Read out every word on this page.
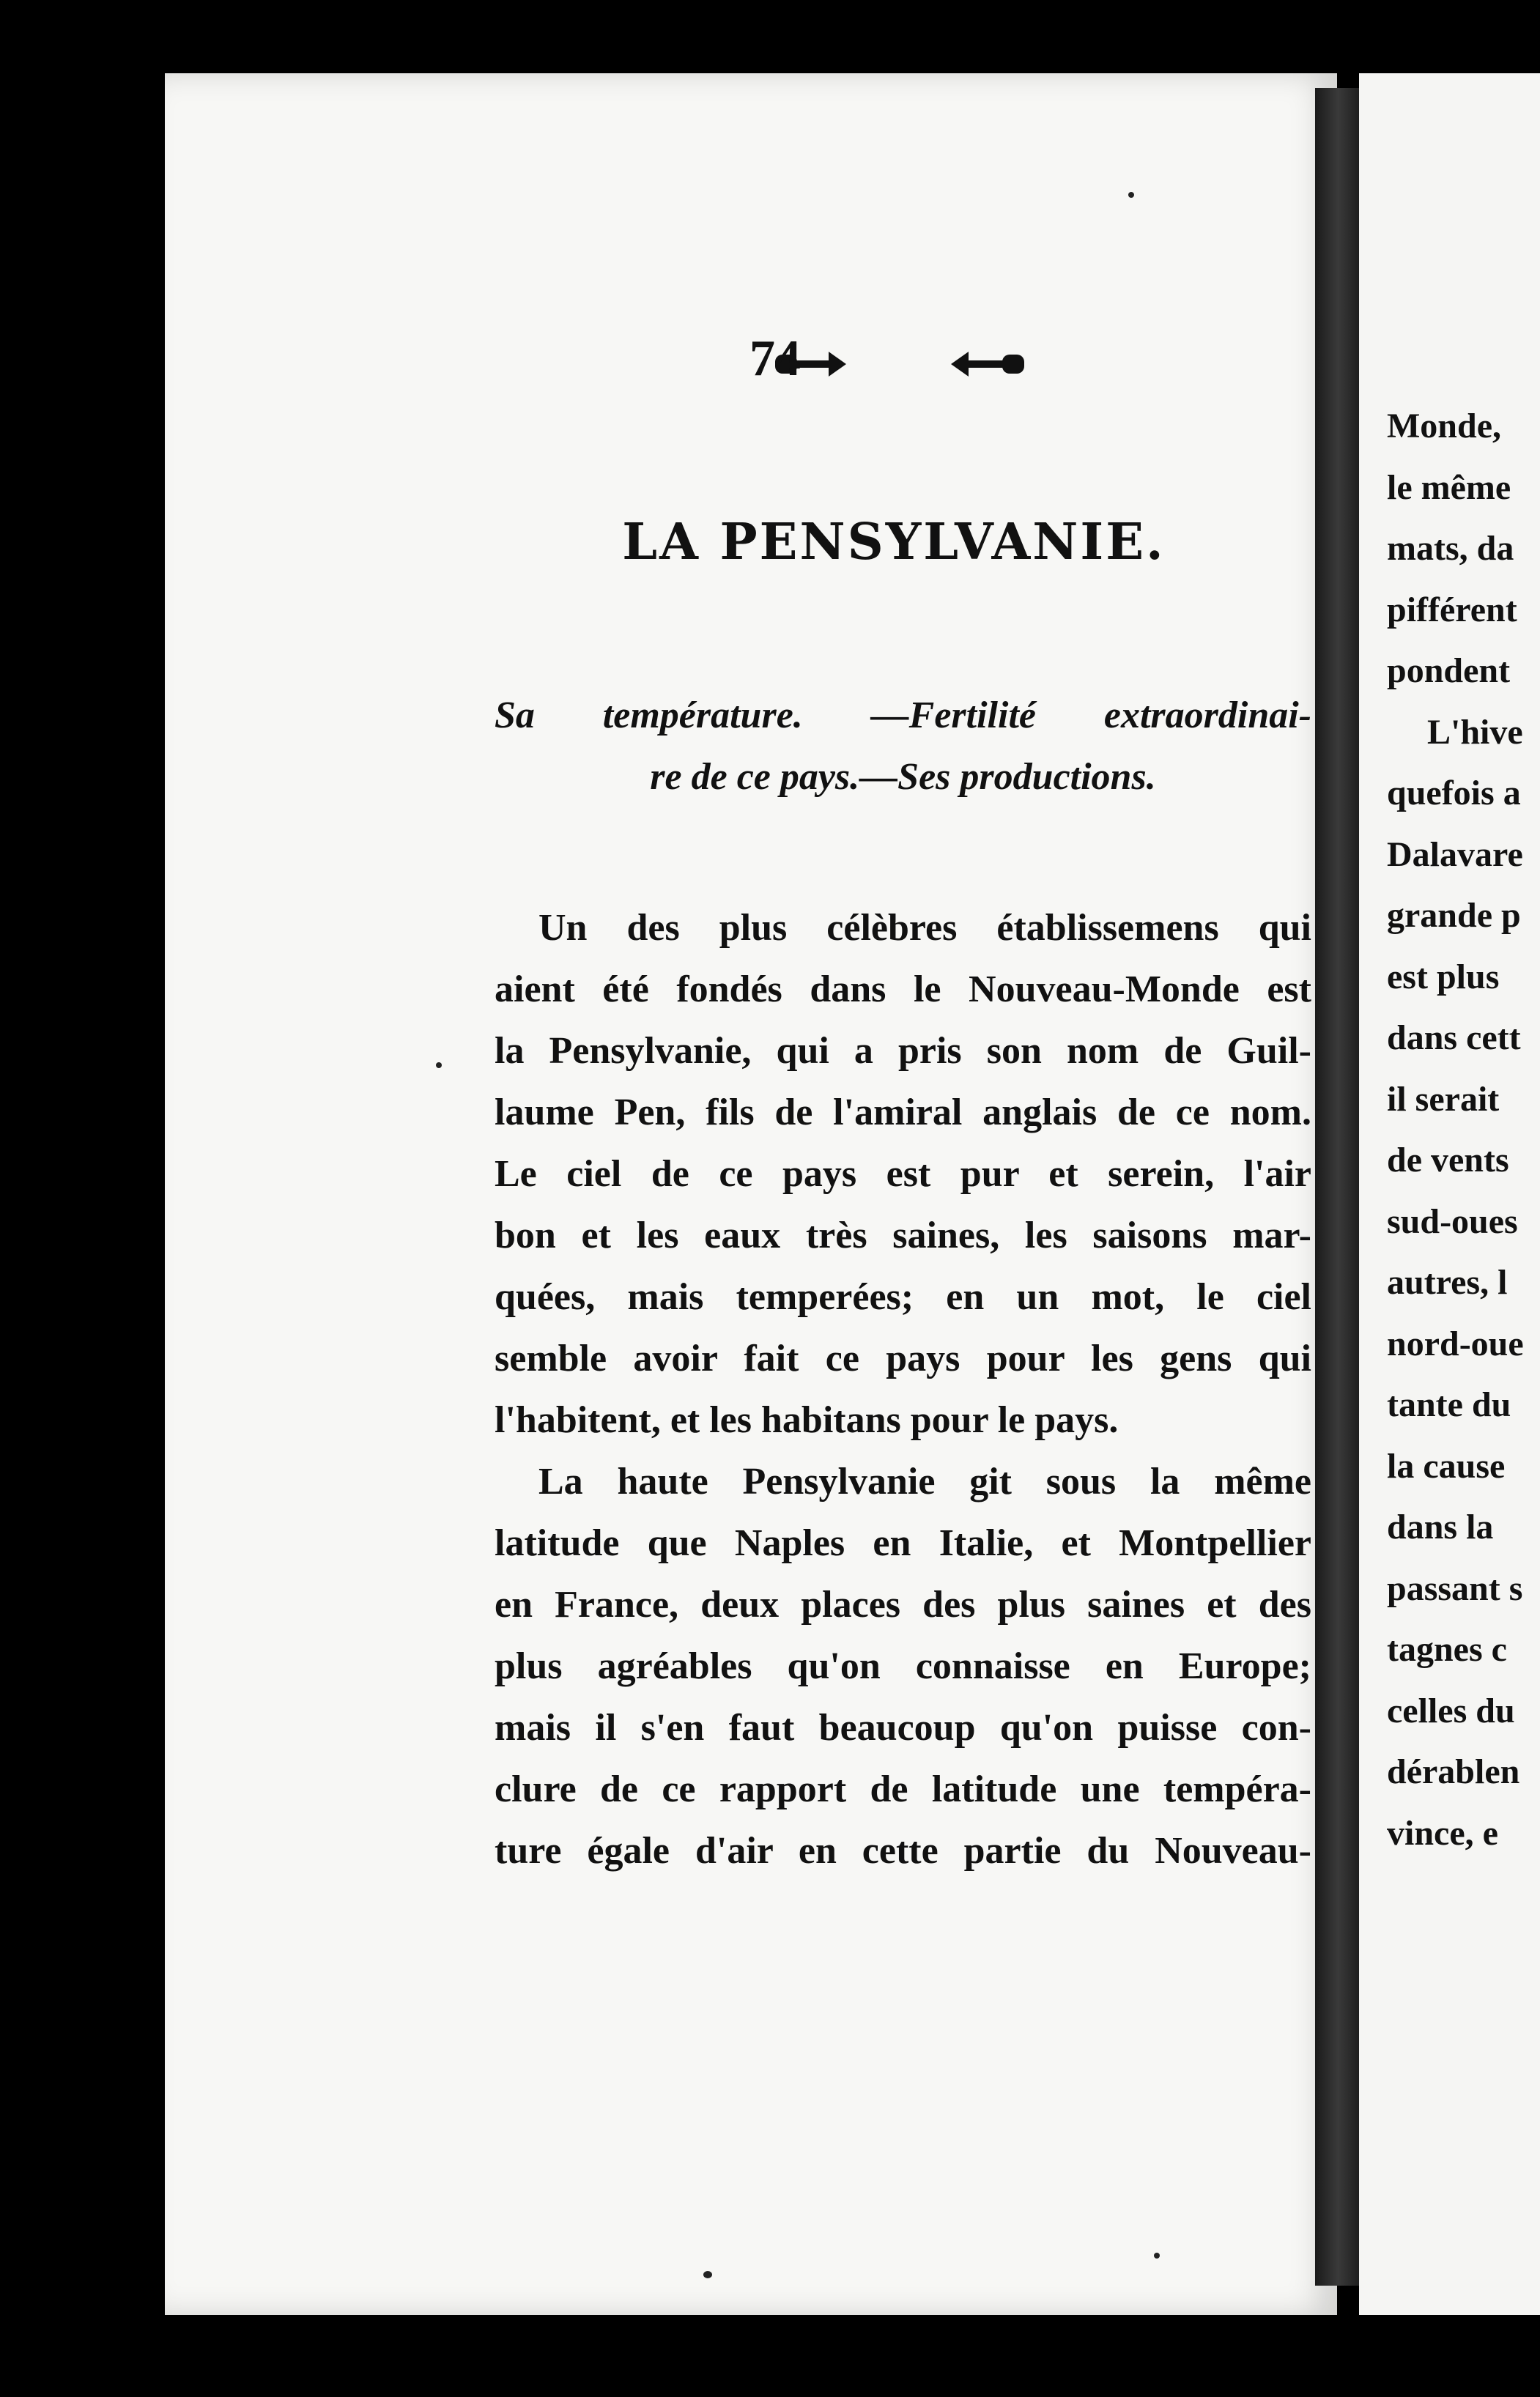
74
LA PENSYLVANIE.
Sa température. —Fertilité extraordinai-
re de ce pays.—Ses productions.
Un des plus célèbres établissemens qui
aient été fondés dans le Nouveau-Monde est
la Pensylvanie, qui a pris son nom de Guil-
laume Pen, fils de l'amiral anglais de ce nom.
Le ciel de ce pays est pur et serein, l'air
bon et les eaux très saines, les saisons mar-
quées, mais temperées; en un mot, le ciel
semble avoir fait ce pays pour les gens qui
l'habitent, et les habitans pour le pays.
La haute Pensylvanie git sous la même
latitude que Naples en Italie, et Montpellier
en France, deux places des plus saines et des
plus agréables qu'on connaisse en Europe;
mais il s'en faut beaucoup qu'on puisse con-
clure de ce rapport de latitude une tempéra-
ture égale d'air en cette partie du Nouveau-
Monde,
le même
mats, da
pifférent
pondent
L'hive
quefois a
Dalavare
grande p
est plus
dans cett
il serait
de vents
sud-oues
autres, l
nord-oue
tante du
la cause
dans la
passant s
tagnes c
celles du
dérablen
vince, e
